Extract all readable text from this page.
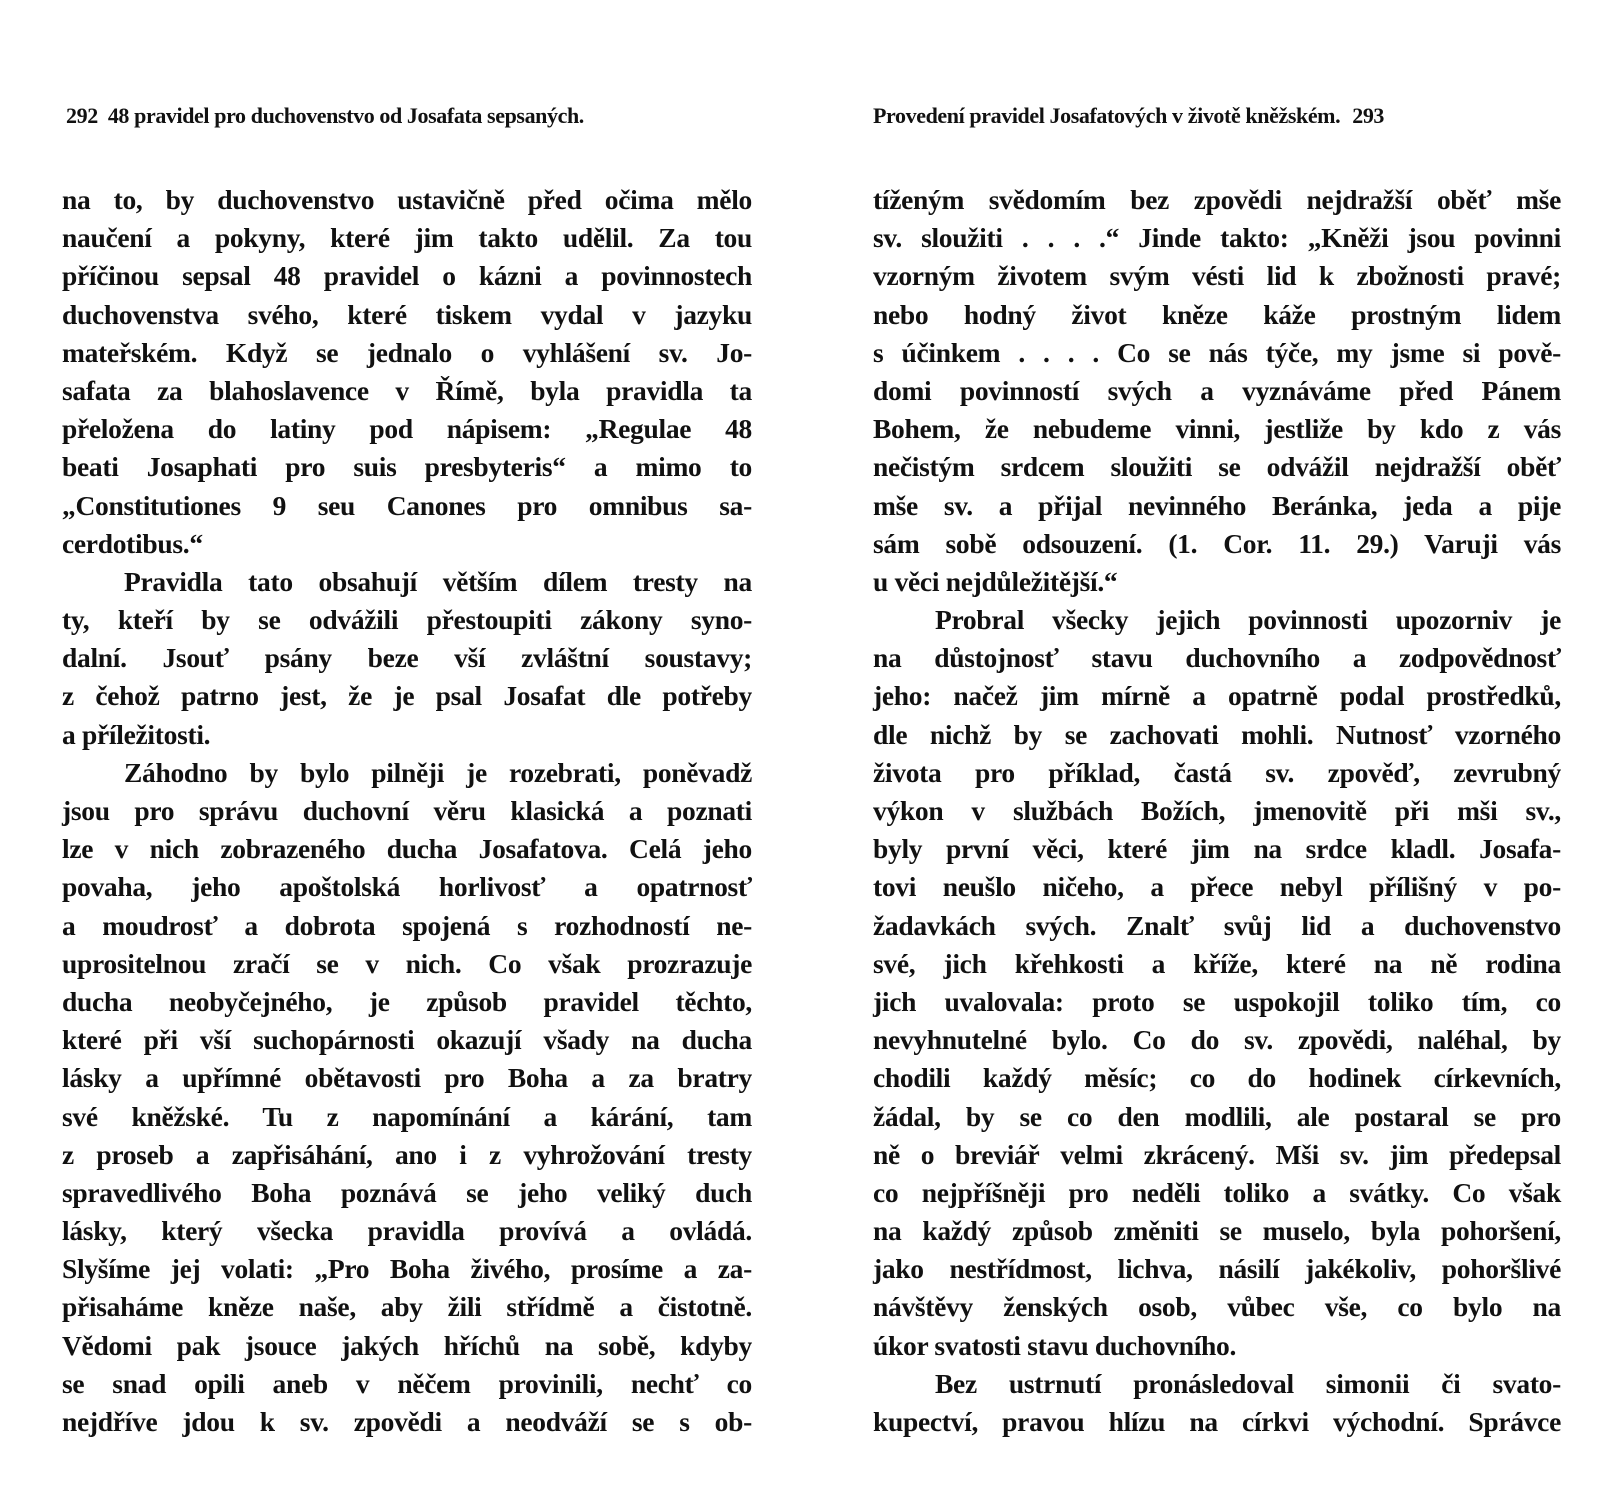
292 48 pravidel pro duchovenstvo od Josafata sepsaných.
na to, by duchovenstvo ustavičně před očima mělo
naučení a pokyny, které jim takto udělil. Za tou
příčinou sepsal 48 pravidel o kázni a povinnostech
duchovenstva svého, které tiskem vydal v jazyku
mateřském. Když se jednalo o vyhlášení sv. Jo-
safata za blahoslavence v Římě, byla pravidla ta
přeložena do latiny pod nápisem: „Regulae 48
beati Josaphati pro suis presbyteris“ a mimo to
„Constitutiones 9 seu Canones pro omnibus sa-
cerdotibus.“
Pravidla tato obsahují větším dílem tresty na
ty, kteří by se odvážili přestoupiti zákony syno-
dalní. Jsouť psány beze vší zvláštní soustavy;
z čehož patrno jest, že je psal Josafat dle potřeby
a příležitosti.
Záhodno by bylo pilněji je rozebrati, poněvadž
jsou pro správu duchovní věru klasická a poznati
lze v nich zobrazeného ducha Josafatova. Celá jeho
povaha, jeho apoštolská horlivosť a opatrnosť
a moudrosť a dobrota spojená s rozhodností ne-
uprositelnou zračí se v nich. Co však prozrazuje
ducha neobyčejného, je způsob pravidel těchto,
které při vší suchopárnosti okazují všady na ducha
lásky a upřímné obětavosti pro Boha a za bratry
své kněžské. Tu z napomínání a kárání, tam
z proseb a zapřisáhání, ano i z vyhrožování tresty
spravedlivého Boha poznává se jeho veliký duch
lásky, který všecka pravidla provívá a ovládá.
Slyšíme jej volati: „Pro Boha živého, prosíme a za-
přisaháme kněze naše, aby žili střídmě a čistotně.
Vědomi pak jsouce jakých hříchů na sobě, kdyby
se snad opili aneb v něčem provinili, nechť co
nejdříve jdou k sv. zpovědi a neodváží se s ob-
Provedení pravidel Josafatových v životě kněžském. 293
tíženým svědomím bez zpovědi nejdražší oběť mše
sv. sloužiti . . . .“ Jinde takto: „Kněži jsou povinni
vzorným životem svým vésti lid k zbožnosti pravé;
nebo hodný život kněze káže prostným lidem
s účinkem . . . . Co se nás týče, my jsme si pově-
domi povinností svých a vyznáváme před Pánem
Bohem, že nebudeme vinni, jestliže by kdo z vás
nečistým srdcem sloužiti se odvážil nejdražší oběť
mše sv. a přijal nevinného Beránka, jeda a pije
sám sobě odsouzení. (1. Cor. 11. 29.) Varuji vás
u věci nejdůležitější.“
Probral všecky jejich povinnosti upozorniv je
na důstojnosť stavu duchovního a zodpovědnosť
jeho: načež jim mírně a opatrně podal prostředků,
dle nichž by se zachovati mohli. Nutnosť vzorného
života pro příklad, častá sv. zpověď, zevrubný
výkon v službách Božích, jmenovitě při mši sv.,
byly první věci, které jim na srdce kladl. Josafa-
tovi neušlo ničeho, a přece nebyl přílišný v po-
žadavkách svých. Znalť svůj lid a duchovenstvo
své, jich křehkosti a kříže, které na ně rodina
jich uvalovala: proto se uspokojil toliko tím, co
nevyhnutelné bylo. Co do sv. zpovědi, naléhal, by
chodili každý měsíc; co do hodinek církevních,
žádal, by se co den modlili, ale postaral se pro
ně o breviář velmi zkrácený. Mši sv. jim předepsal
co nejpříšněji pro neděli toliko a svátky. Co však
na každý způsob změniti se muselo, byla pohoršení,
jako nestřídmost, lichva, násilí jakékoliv, pohoršlivé
návštěvy ženských osob, vůbec vše, co bylo na
úkor svatosti stavu duchovního.
Bez ustrnutí pronásledoval simonii či svato-
kupectví, pravou hlízu na církvi východní. Správce
